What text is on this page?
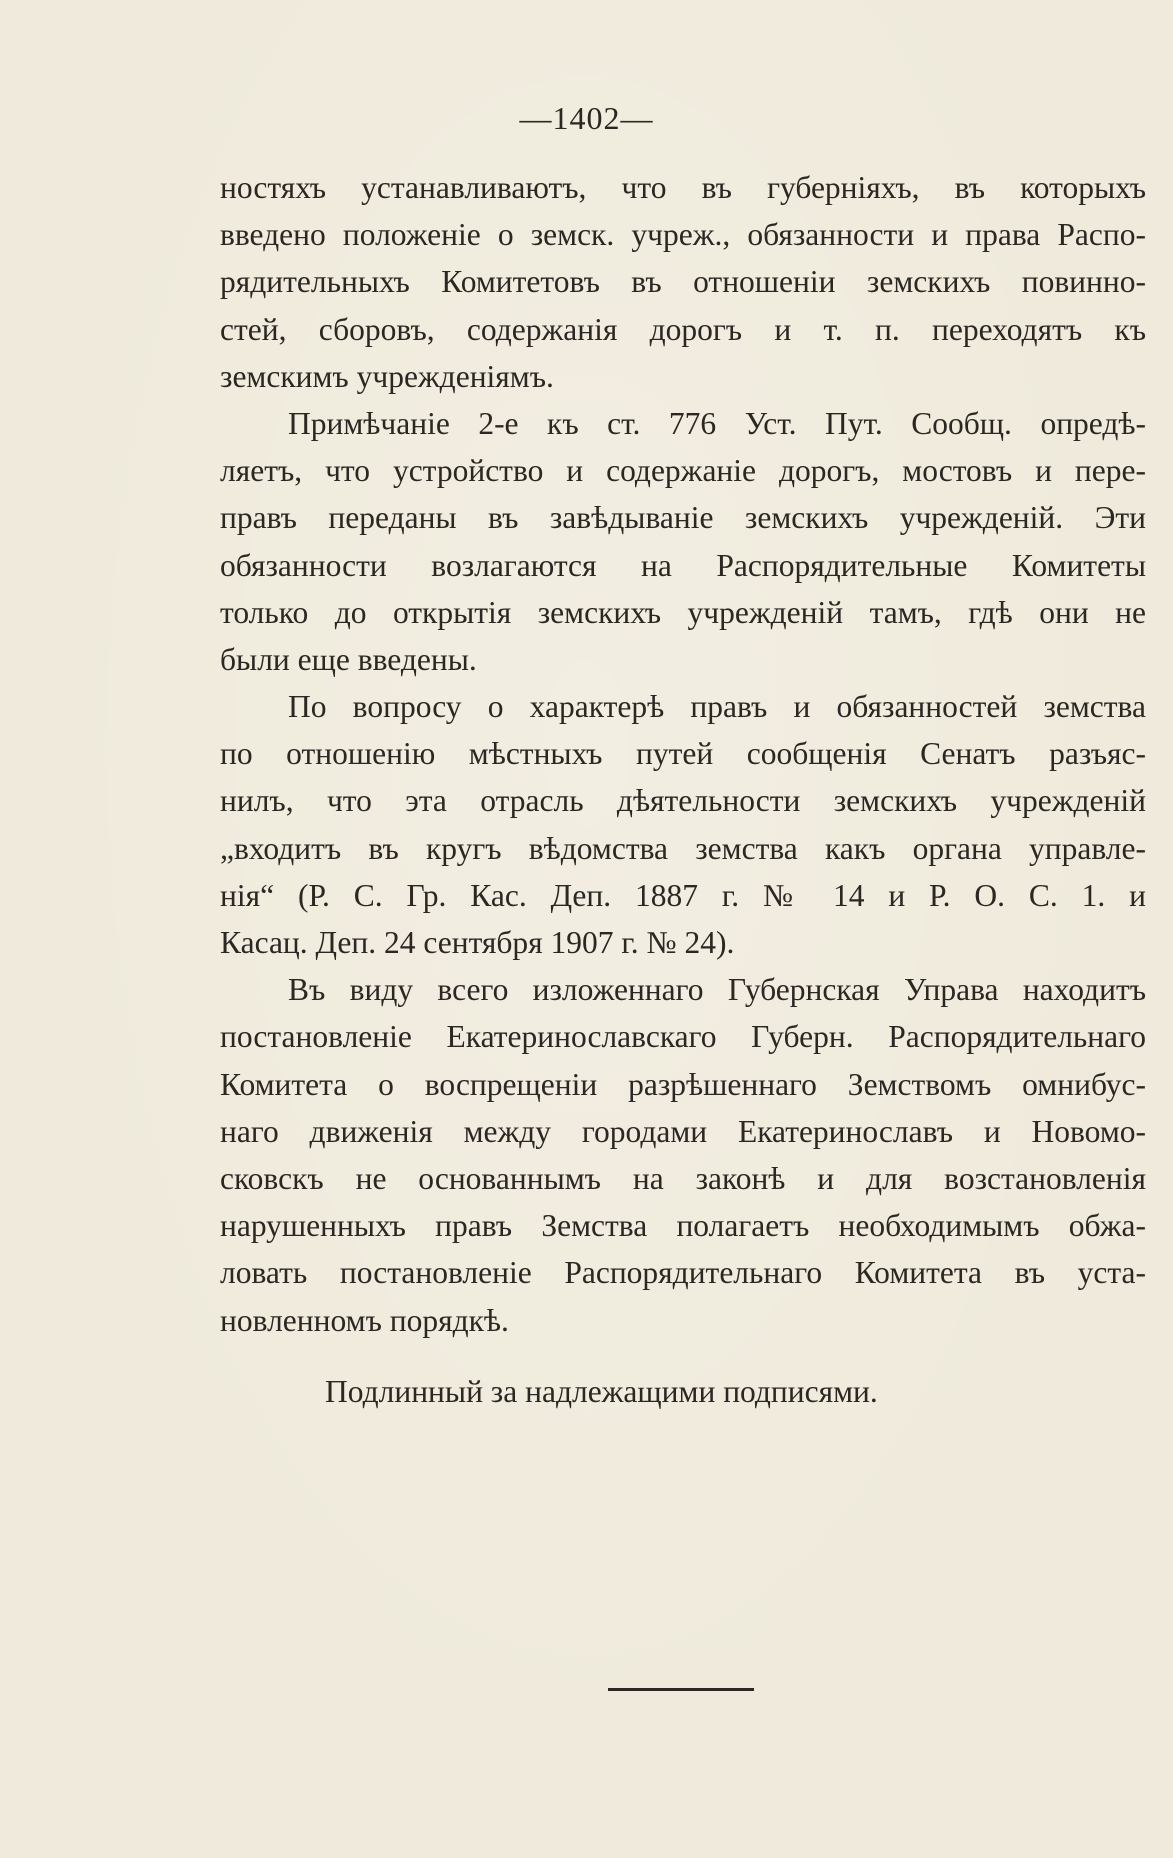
—1402—
ностяхъ устанавливаютъ, что въ губерніяхъ, въ которыхъ
введено положеніе о земск. учреж., обязанности и права Распо-
рядительныхъ Комитетовъ въ отношеніи земскихъ повинно-
стей, сборовъ, содержанія дорогъ и т. п. переходятъ къ
земскимъ учрежденіямъ.
Примѣчаніе 2-е къ ст. 776 Уст. Пут. Сообщ. опредѣ-
ляетъ, что устройство и содержаніе дорогъ, мостовъ и пере-
правъ переданы въ завѣдываніе земскихъ учрежденій. Эти
обязанности возлагаются на Распорядительные Комитеты
только до открытія земскихъ учрежденій тамъ, гдѣ они не
были еще введены.
По вопросу о характерѣ правъ и обязанностей земства
по отношенію мѣстныхъ путей сообщенія Сенатъ разъяс-
нилъ, что эта отрасль дѣятельности земскихъ учрежденій
„входитъ въ кругъ вѣдомства земства какъ органа управле-
нія“ (Р. С. Гр. Кас. Деп. 1887 г. № 14 и Р. О. С. 1. и
Касац. Деп. 24 сентября 1907 г. № 24).
Въ виду всего изложеннаго Губернская Управа находитъ
постановленіе Екатеринославскаго Губерн. Распорядительнаго
Комитета о воспрещеніи разрѣшеннаго Земствомъ омнибус-
наго движенія между городами Екатеринославъ и Новомо-
сковскъ не основаннымъ на законѣ и для возстановленія
нарушенныхъ правъ Земства полагаетъ необходимымъ обжа-
ловать постановленіе Распорядительнаго Комитета въ уста-
новленномъ порядкѣ.
Подлинный за надлежащими подписями.
